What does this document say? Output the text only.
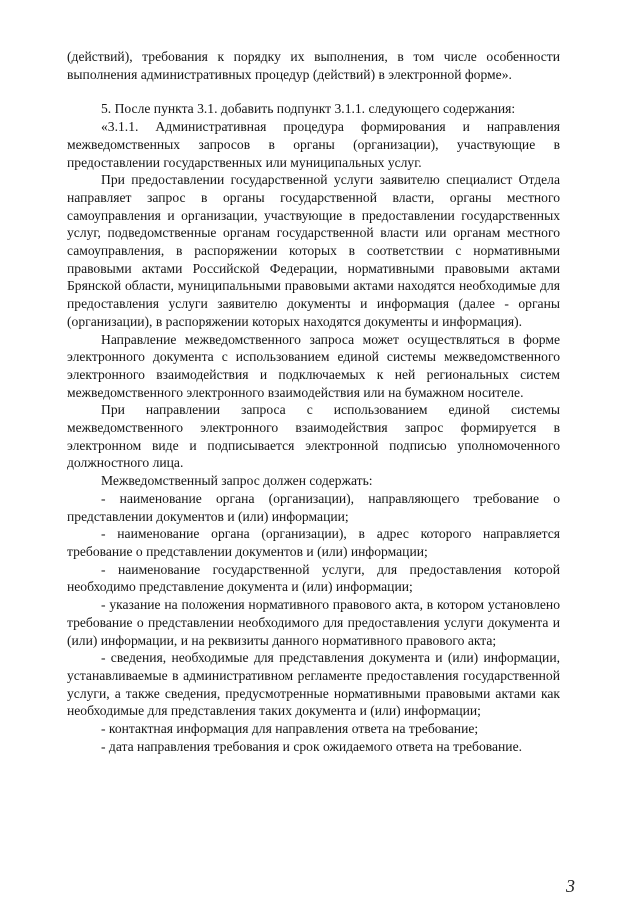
(действий), требования к порядку их выполнения, в том числе особенности выполнения административных процедур (действий) в электронной форме».

5. После пункта 3.1. добавить подпункт 3.1.1. следующего содержания:

«3.1.1. Административная процедура формирования и направления межведомственных запросов в органы (организации), участвующие в предоставлении государственных или муниципальных услуг.

При предоставлении государственной услуги заявителю специалист Отдела направляет запрос в органы государственной власти, органы местного самоуправления и организации, участвующие в предоставлении государственных услуг, подведомственные органам государственной власти или органам местного самоуправления, в распоряжении которых в соответствии с нормативными правовыми актами Российской Федерации, нормативными правовыми актами Брянской области, муниципальными правовыми актами находятся необходимые для предоставления услуги заявителю документы и информация (далее - органы (организации), в распоряжении которых находятся документы и информация).

Направление межведомственного запроса может осуществляться в форме электронного документа с использованием единой системы межведомственного электронного взаимодействия и подключаемых к ней региональных систем межведомственного электронного взаимодействия или на бумажном носителе.

При направлении запроса с использованием единой системы межведомственного электронного взаимодействия запрос формируется в электронном виде и подписывается электронной подписью уполномоченного должностного лица.

Межведомственный запрос должен содержать:

- наименование органа (организации), направляющего требование о представлении документов и (или) информации;

- наименование органа (организации), в адрес которого направляется требование о представлении документов и (или) информации;

- наименование государственной услуги, для предоставления которой необходимо представление документа и (или) информации;

- указание на положения нормативного правового акта, в котором установлено требование о представлении необходимого для предоставления услуги документа и (или) информации, и на реквизиты данного нормативного правового акта;

- сведения, необходимые для представления документа и (или) информации, устанавливаемые в административном регламенте предоставления государственной услуги, а также сведения, предусмотренные нормативными правовыми актами как необходимые для представления таких документа и (или) информации;

- контактная информация для направления ответа на требование;

- дата направления требования и срок ожидаемого ответа на требование.

3
